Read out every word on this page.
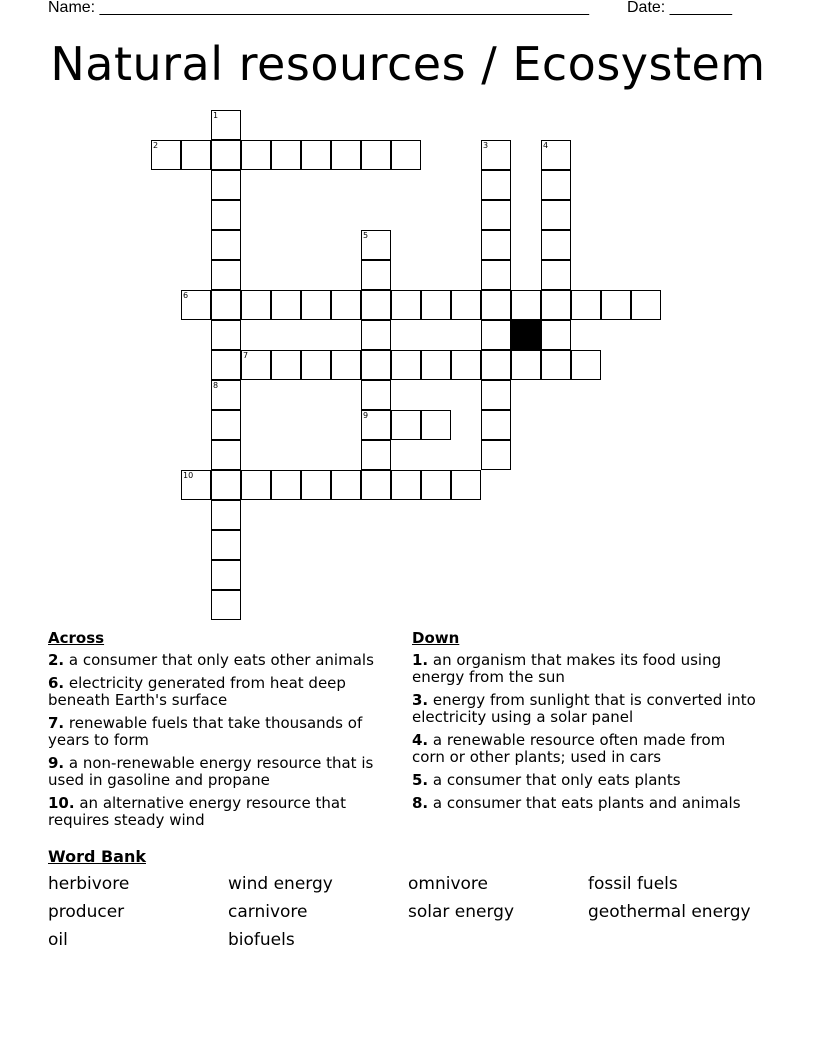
Name: _______________________________________________________ Date: _______
Natural resources / Ecosystem
2
6
7
9
10
1
3	4
5
8
Across
2. a consumer that only eats other animals
6. electricity generated from heat deep beneath Earth's surface
7. renewable fuels that take thousands of years to form
9. a non-renewable energy resource that is used in gasoline and propane
10. an alternative energy resource that requires steady wind
Down
1. an organism that makes its food using energy from the sun
3. energy from sunlight that is converted into electricity using a solar panel
4. a renewable resource often made from corn or other plants; used in cars
5. a consumer that only eats plants
8. a consumer that eats plants and animals
Word Bank
herbivore	wind energy	omnivore	fossil fuels
producer	carnivore	solar energy	geothermal energy
oil	biofuels
